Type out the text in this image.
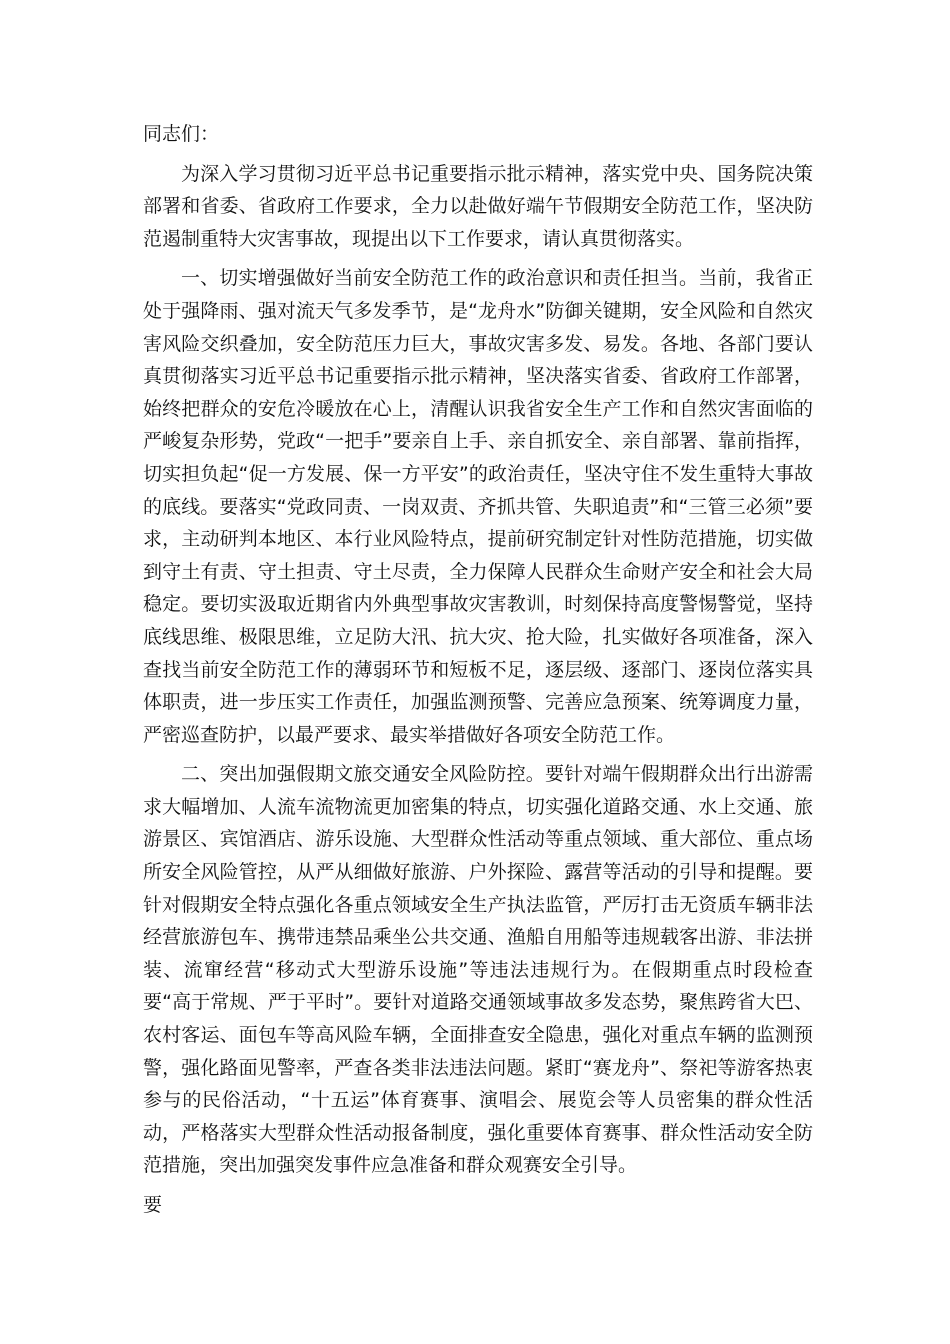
同志们：

为深入学习贯彻习近平总书记重要指示批示精神，落实党中央、国务院决策部署和省委、省政府工作要求，全力以赴做好端午节假期安全防范工作，坚决防范遏制重特大灾害事故，现提出以下工作要求，请认真贯彻落实。

一、切实增强做好当前安全防范工作的政治意识和责任担当。当前，我省正处于强降雨、强对流天气多发季节，是“龙舟水”防御关键期，安全风险和自然灾害风险交织叠加，安全防范压力巨大，事故灾害多发、易发。各地、各部门要认真贯彻落实习近平总书记重要指示批示精神，坚决落实省委、省政府工作部署，始终把群众的安危冷暖放在心上，清醒认识我省安全生产工作和自然灾害面临的严峻复杂形势，党政“一把手”要亲自上手、亲自抓安全、亲自部署、靠前指挥，切实担负起“促一方发展、保一方平安”的政治责任，坚决守住不发生重特大事故的底线。要落实“党政同责、一岗双责、齐抓共管、失职追责”和“三管三必须”要求，主动研判本地区、本行业风险特点，提前研究制定针对性防范措施，切实做到守土有责、守土担责、守土尽责，全力保障人民群众生命财产安全和社会大局稳定。要切实汲取近期省内外典型事故灾害教训，时刻保持高度警惕警觉，坚持底线思维、极限思维，立足防大汛、抗大灾、抢大险，扎实做好各项准备，深入查找当前安全防范工作的薄弱环节和短板不足，逐层级、逐部门、逐岗位落实具体职责，进一步压实工作责任，加强监测预警、完善应急预案、统筹调度力量，严密巡查防护，以最严要求、最实举措做好各项安全防范工作。

二、突出加强假期文旅交通安全风险防控。要针对端午假期群众出行出游需求大幅增加、人流车流物流更加密集的特点，切实强化道路交通、水上交通、旅游景区、宾馆酒店、游乐设施、大型群众性活动等重点领域、重大部位、重点场所安全风险管控，从严从细做好旅游、户外探险、露营等活动的引导和提醒。要针对假期安全特点强化各重点领域安全生产执法监管，严厉打击无资质车辆非法经营旅游包车、携带违禁品乘坐公共交通、渔船自用船等违规载客出游、非法拼装、流窜经营“移动式大型游乐设施”等违法违规行为。在假期重点时段检查要“高于常规、严于平时”。要针对道路交通领域事故多发态势，聚焦跨省大巴、农村客运、面包车等高风险车辆，全面排查安全隐患，强化对重点车辆的监测预警，强化路面见警率，严查各类非法违法问题。紧盯“赛龙舟”、祭祀等游客热衷参与的民俗活动，“十五运”体育赛事、演唱会、展览会等人员密集的群众性活动，严格落实大型群众性活动报备制度，强化重要体育赛事、群众性活动安全防范措施，突出加强突发事件应急准备和群众观赛安全引导。

要
